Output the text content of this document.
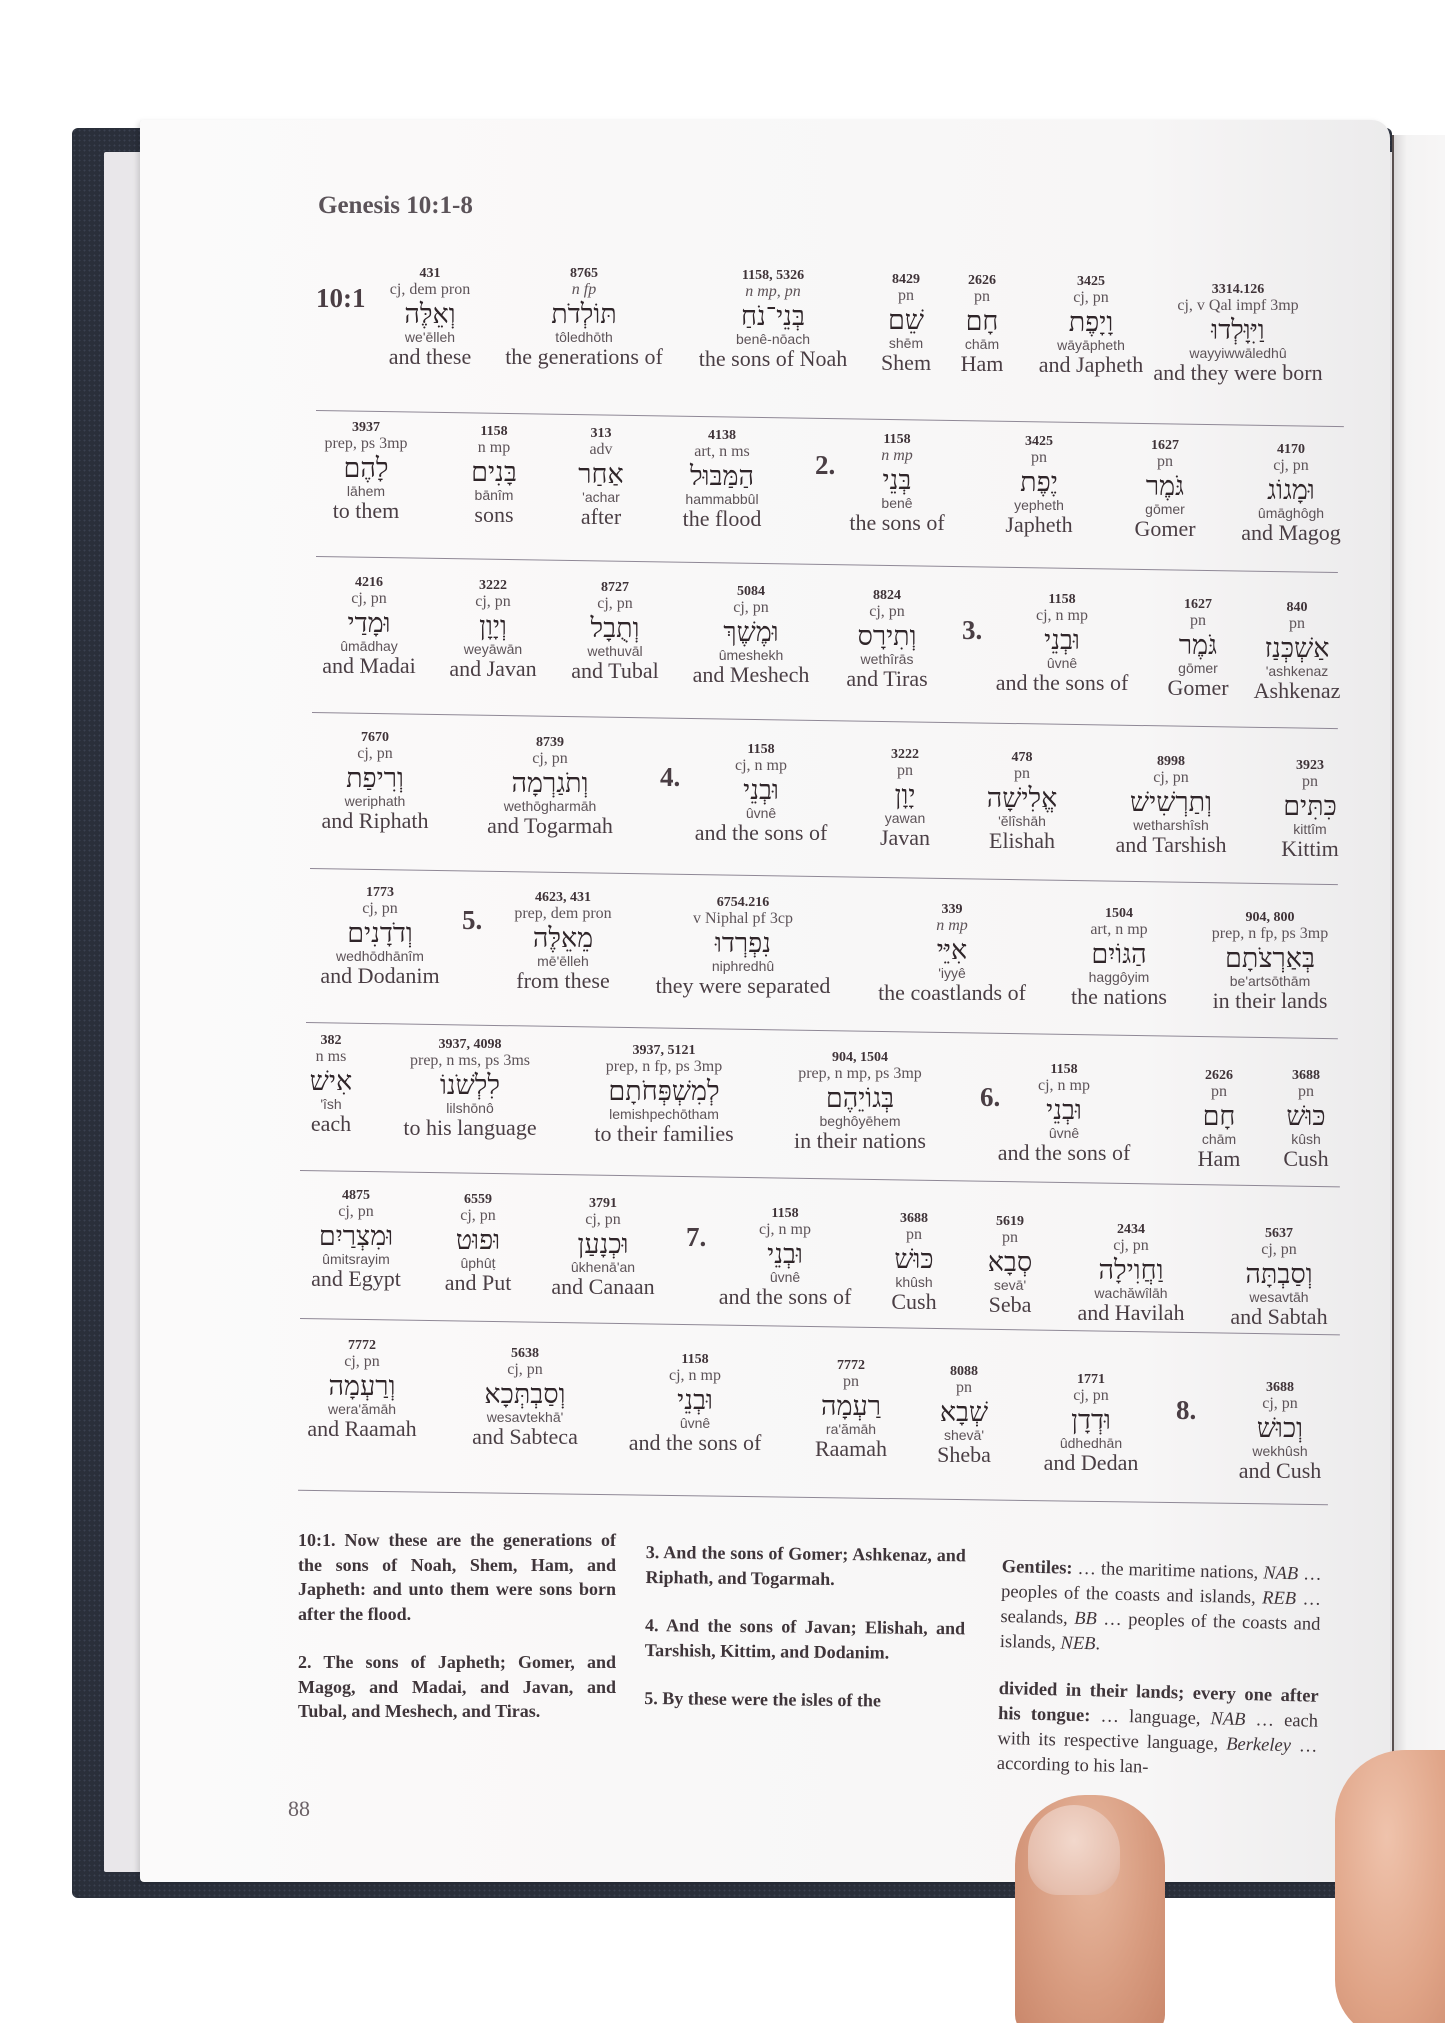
Genesis 10:1-8
10:1
431
cj, dem pron
וְאֵלֶּה
we'ēlleh
and these
8765
n fp
תּוֹלְדֹת
tôledhōth
the generations of
1158, 5326
n mp, pn
בְּנֵי־נֹחַ
benê-nōach
the sons of Noah
8429
pn
שֵׁם
shēm
Shem
2626
pn
חָם
chām
Ham
3425
cj, pn
וָיָפֶת
wāyāpheth
and Japheth
3314.126
cj, v Qal impf 3mp
וַיִּוָּלְדוּ
wayyiwwāledhû
and they were born
2.
3937
prep, ps 3mp
לָהֶם
lāhem
to them
1158
n mp
בָּנִים
bānîm
sons
313
adv
אַחַר
'achar
after
4138
art, n ms
הַמַּבּוּל
hammabbûl
the flood
1158
n mp
בְּנֵי
benê
the sons of
3425
pn
יֶפֶת
yepheth
Japheth
1627
pn
גֹּמֶר
gōmer
Gomer
4170
cj, pn
וּמָגוֹג
ûmāghôgh
and Magog
3.
4216
cj, pn
וּמָדַי
ûmādhay
and Madai
3222
cj, pn
וְיָוָן
weyāwān
and Javan
8727
cj, pn
וְתֻבָל
wethuvāl
and Tubal
5084
cj, pn
וּמֶשֶׁךְ
ûmeshekh
and Meshech
8824
cj, pn
וְתִירָס
wethîrās
and Tiras
1158
cj, n mp
וּבְנֵי
ûvnê
and the sons of
1627
pn
גֹּמֶר
gōmer
Gomer
840
pn
אַשְׁכְּנַז
'ashkenaz
Ashkenaz
4.
7670
cj, pn
וְרִיפַת
weriphath
and Riphath
8739
cj, pn
וְתֹגַרְמָה
wethōgharmāh
and Togarmah
1158
cj, n mp
וּבְנֵי
ûvnê
and the sons of
3222
pn
יָוָן
yawan
Javan
478
pn
אֱלִישָׁה
'ĕlîshāh
Elishah
8998
cj, pn
וְתַרְשִׁישׁ
wetharshîsh
and Tarshish
3923
pn
כִּתִּים
kittîm
Kittim
5.
1773
cj, pn
וְדֹדָנִים
wedhōdhānîm
and Dodanim
4623, 431
prep, dem pron
מֵאֵלֶּה
mē'ēlleh
from these
6754.216
v Niphal pf 3cp
נִפְרְדוּ
niphredhû
they were separated
339
n mp
אִיֵּי
'iyyê
the coastlands of
1504
art, n mp
הַגּוֹיִם
haggôyim
the nations
904, 800
prep, n fp, ps 3mp
בְּאַרְצֹתָם
be'artsōthām
in their lands
6.
382
n ms
אִישׁ
'îsh
each
3937, 4098
prep, n ms, ps 3ms
לִלְשֹׁנוֹ
lilshōnô
to his language
3937, 5121
prep, n fp, ps 3mp
לְמִשְׁפְּחֹתָם
lemishpechōtham
to their families
904, 1504
prep, n mp, ps 3mp
בְּגוֹיֵהֶם
beghôyēhem
in their nations
1158
cj, n mp
וּבְנֵי
ûvnê
and the sons of
2626
pn
חָם
chām
Ham
3688
pn
כּוּשׁ
kûsh
Cush
7.
4875
cj, pn
וּמִצְרַיִם
ûmitsrayim
and Egypt
6559
cj, pn
וּפוּט
ûphûṭ
and Put
3791
cj, pn
וּכְנָעַן
ûkhenā'an
and Canaan
1158
cj, n mp
וּבְנֵי
ûvnê
and the sons of
3688
pn
כּוּשׁ
khûsh
Cush
5619
pn
סְבָא
sevā'
Seba
2434
cj, pn
וַחֲוִילָה
wachăwîlāh
and Havilah
5637
cj, pn
וְסַבְתָּה
wesavtāh
and Sabtah
8.
7772
cj, pn
וְרַעְמָה
wera'ămāh
and Raamah
5638
cj, pn
וְסַבְתְּכָא
wesavtekhā'
and Sabteca
1158
cj, n mp
וּבְנֵי
ûvnê
and the sons of
7772
pn
רַעְמָה
ra'ămāh
Raamah
8088
pn
שְׁבָא
shevā'
Sheba
1771
cj, pn
וּדְדָן
ûdhedhān
and Dedan
3688
cj, pn
וְכוּשׁ
wekhûsh
and Cush

10:1. Now these are the generations of the sons of Noah, Shem, Ham, and Japheth: and unto them were sons born after the flood.

2. The sons of Japheth; Gomer, and Magog, and Madai, and Javan, and Tubal, and Meshech, and Tiras.

3. And the sons of Gomer; Ashkenaz, and Riphath, and Togarmah.

4. And the sons of Javan; Elishah, and Tarshish, Kittim, and Dodanim.

5. By these were the isles of the

Gentiles: … the maritime nations, NAB … peoples of the coasts and islands, REB … sealands, BB … peoples of the coasts and islands, NEB.

divided in their lands; every one after his tongue: … language, NAB … each with its respective language, Berkeley … according to his lan-

88
